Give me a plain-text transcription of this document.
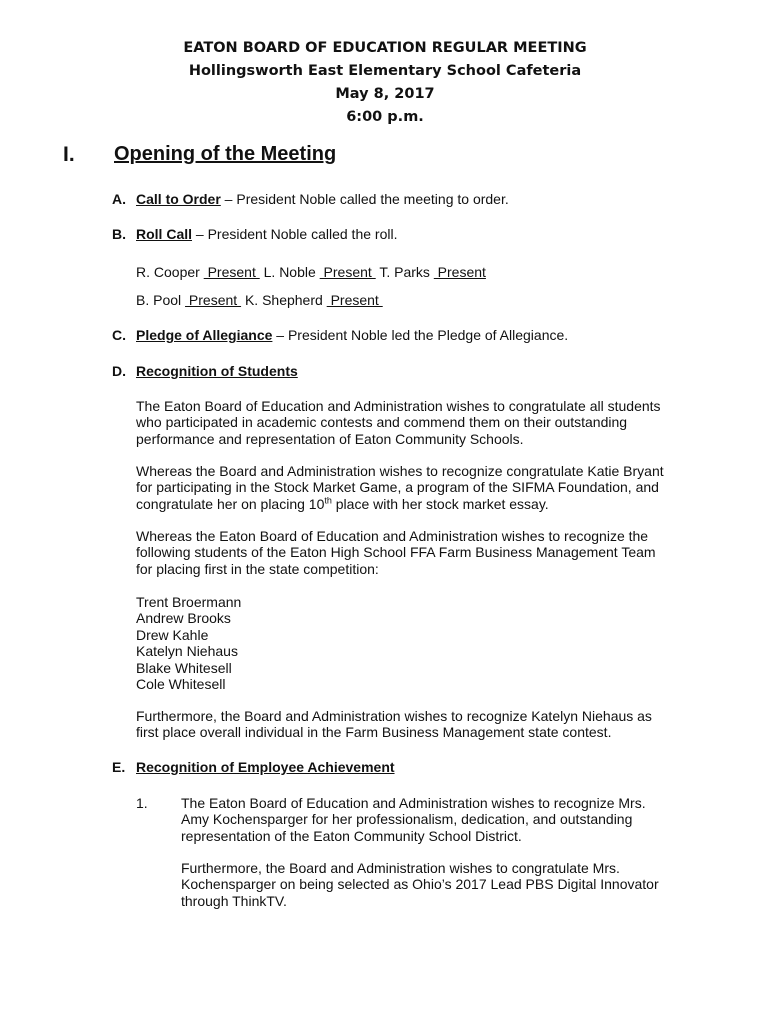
EATON BOARD OF EDUCATION REGULAR MEETING
Hollingsworth East Elementary School Cafeteria
May 8, 2017
6:00 p.m.
I. Opening of the Meeting
A. Call to Order – President Noble called the meeting to order.
B. Roll Call – President Noble called the roll.
R. Cooper  Present  L. Noble  Present  T. Parks  Present
B. Pool  Present  K. Shepherd  Present
C. Pledge of Allegiance – President Noble led the Pledge of Allegiance.
D. Recognition of Students
The Eaton Board of Education and Administration wishes to congratulate all students who participated in academic contests and commend them on their outstanding performance and representation of Eaton Community Schools.
Whereas the Board and Administration wishes to recognize congratulate Katie Bryant for participating in the Stock Market Game, a program of the SIFMA Foundation, and congratulate her on placing 10th place with her stock market essay.
Whereas the Eaton Board of Education and Administration wishes to recognize the following students of the Eaton High School FFA Farm Business Management Team for placing first in the state competition:
Trent Broermann
Andrew Brooks
Drew Kahle
Katelyn Niehaus
Blake Whitesell
Cole Whitesell
Furthermore, the Board and Administration wishes to recognize Katelyn Niehaus as first place overall individual in the Farm Business Management state contest.
E. Recognition of Employee Achievement
1. The Eaton Board of Education and Administration wishes to recognize Mrs. Amy Kochensparger for her professionalism, dedication, and outstanding representation of the Eaton Community School District.
Furthermore, the Board and Administration wishes to congratulate Mrs. Kochensparger on being selected as Ohio’s 2017 Lead PBS Digital Innovator through ThinkTV.
